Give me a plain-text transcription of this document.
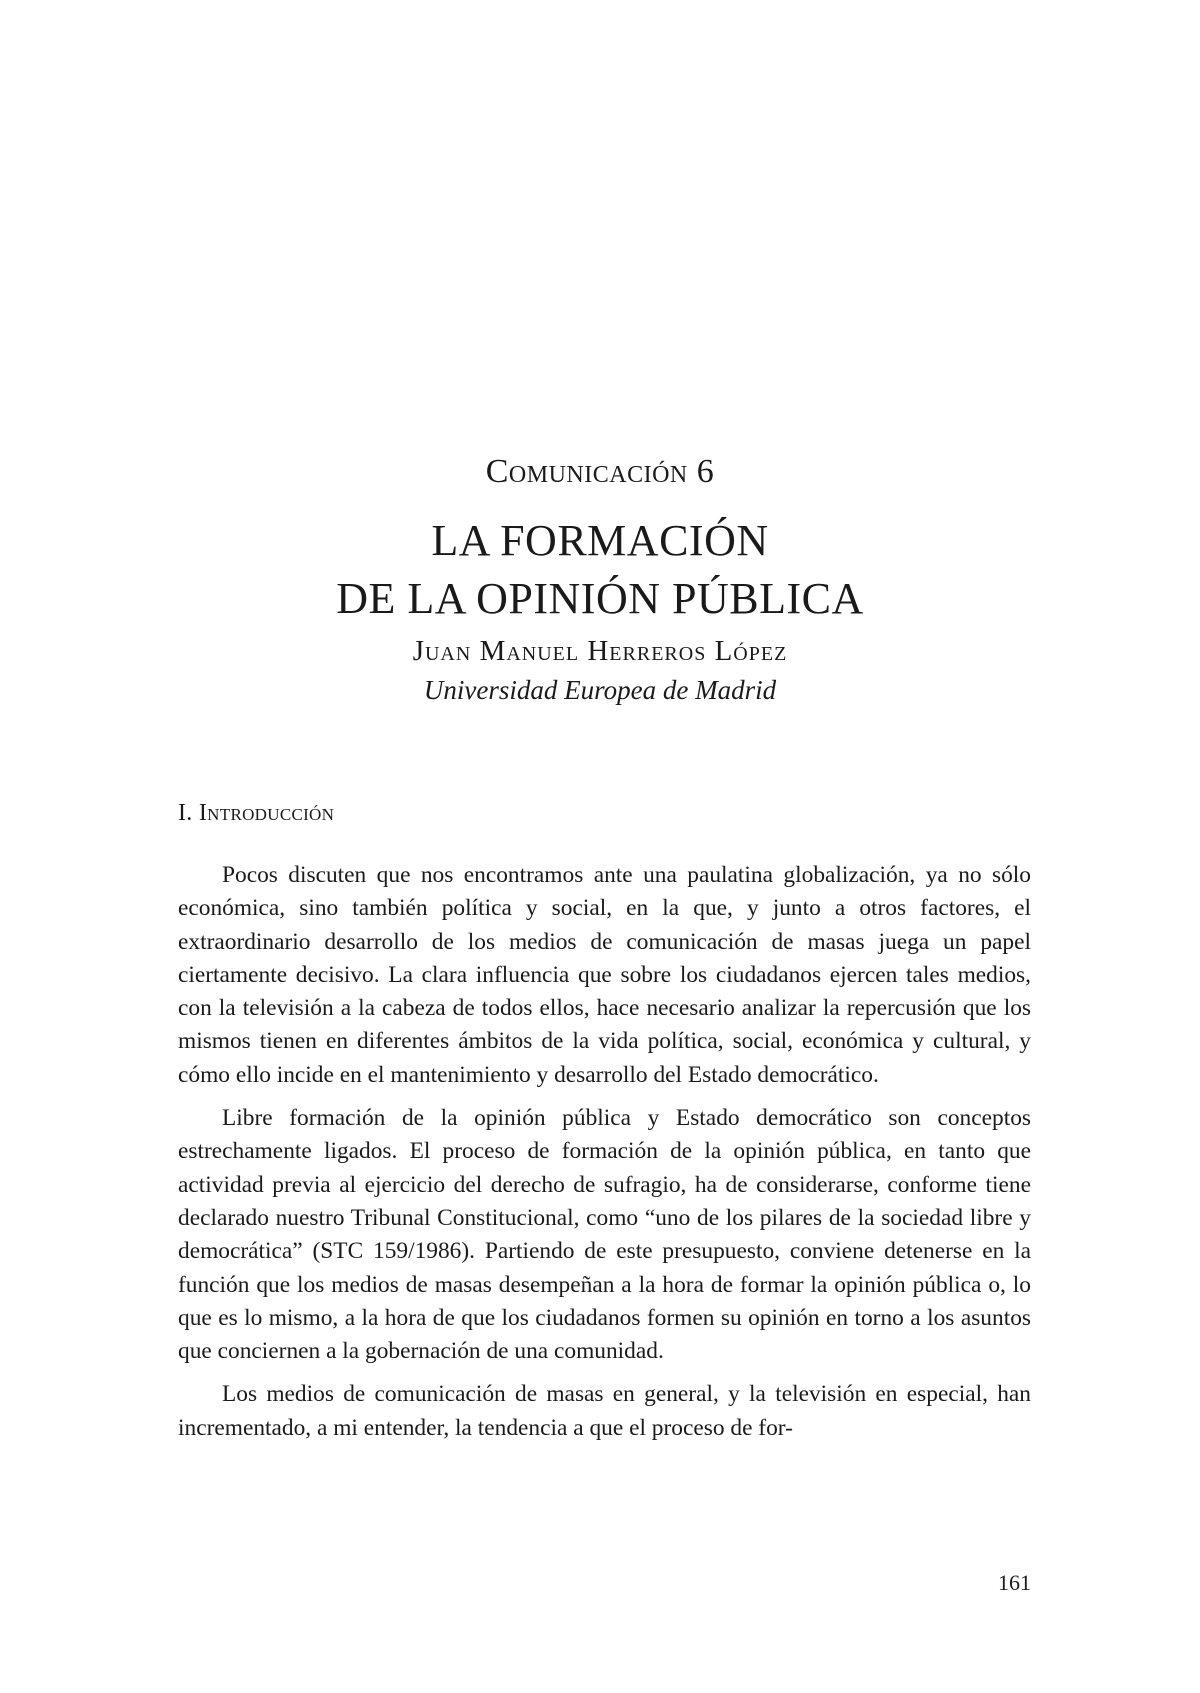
Comunicación 6
LA FORMACIÓN
DE LA OPINIÓN PÚBLICA
Juan Manuel Herreros López
Universidad Europea de Madrid
I. Introducción

Pocos discuten que nos encontramos ante una paulatina globalización, ya no sólo económica, sino también política y social, en la que, y junto a otros factores, el extraordinario desarrollo de los medios de comunicación de masas juega un papel ciertamente decisivo. La clara influencia que sobre los ciudadanos ejercen tales medios, con la televisión a la cabeza de todos ellos, hace necesario analizar la repercusión que los mismos tienen en diferentes ámbitos de la vida política, social, económica y cultural, y cómo ello incide en el mantenimiento y desarrollo del Estado democrático.

Libre formación de la opinión pública y Estado democrático son conceptos estrechamente ligados. El proceso de formación de la opinión pública, en tanto que actividad previa al ejercicio del derecho de sufragio, ha de considerarse, conforme tiene declarado nuestro Tribunal Constitucional, como “uno de los pilares de la sociedad libre y democrática” (STC 159/1986). Partiendo de este presupuesto, conviene detenerse en la función que los medios de masas desempeñan a la hora de formar la opinión pública o, lo que es lo mismo, a la hora de que los ciudadanos formen su opinión en torno a los asuntos que conciernen a la gobernación de una comunidad.

Los medios de comunicación de masas en general, y la televisión en especial, han incrementado, a mi entender, la tendencia a que el proceso de for-

161
